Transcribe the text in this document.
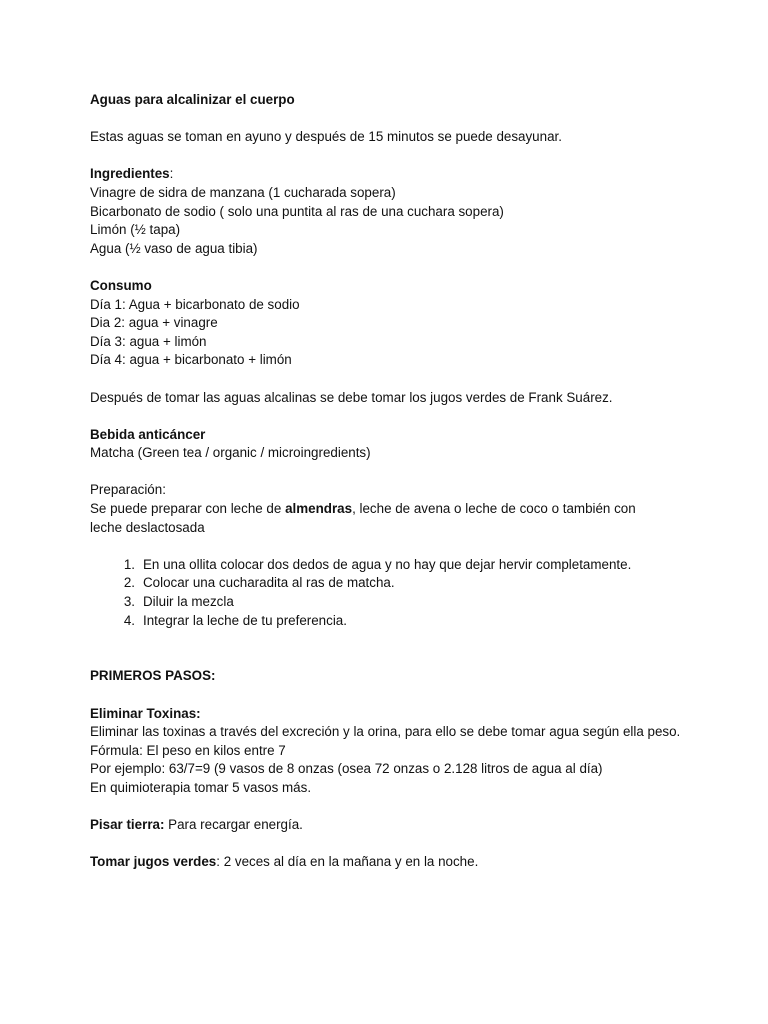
Aguas para alcalinizar el cuerpo
Estas aguas se toman en ayuno y después de 15 minutos se puede desayunar.
Ingredientes:
Vinagre de sidra de manzana (1 cucharada sopera)
Bicarbonato de sodio ( solo una puntita al ras de una cuchara sopera)
Limón (½ tapa)
Agua (½ vaso de agua tibia)
Consumo
Día 1: Agua + bicarbonato de sodio
Dia 2: agua + vinagre
Día 3: agua + limón
Día 4: agua + bicarbonato + limón
Después de tomar las aguas alcalinas se debe tomar los jugos verdes de Frank Suárez.
Bebida anticáncer
Matcha (Green tea / organic / microingredients)
Preparación:
Se puede preparar con leche de almendras, leche de avena o leche de coco o también con leche deslactosada
1. En una ollita colocar dos dedos de agua y no hay que dejar hervir completamente.
2. Colocar una cucharadita al ras de matcha.
3. Diluir la mezcla
4. Integrar la leche de tu preferencia.
PRIMEROS PASOS:
Eliminar Toxinas:
Eliminar las toxinas a través del excreción y la orina, para ello se debe tomar agua según ella peso.
Fórmula: El peso en kilos entre 7
Por ejemplo: 63/7=9 (9 vasos de 8 onzas (osea 72 onzas o 2.128 litros de agua al día)
En quimioterapia tomar 5 vasos más.
Pisar tierra: Para recargar energía.
Tomar jugos verdes: 2 veces al día en la mañana y en la noche.
